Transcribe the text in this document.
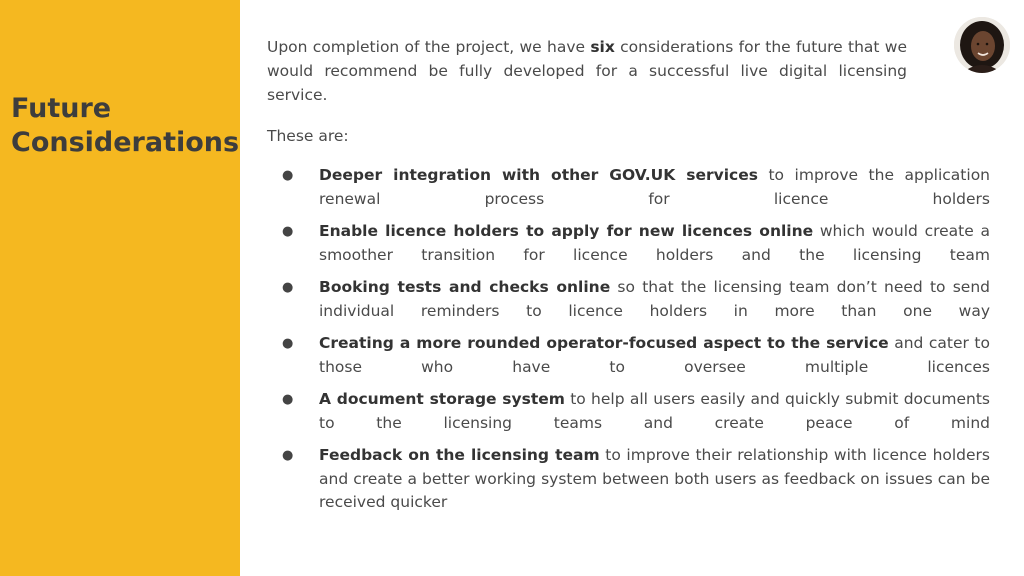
Future Considerations

Upon completion of the project, we have six considerations for the future that we would recommend be fully developed for a successful live digital licensing service.

These are:

● Deeper integration with other GOV.UK services to improve the application renewal process for licence holders
● Enable licence holders to apply for new licences online which would create a smoother transition for licence holders and the licensing team
● Booking tests and checks online so that the licensing team don’t need to send individual reminders to licence holders in more than one way
● Creating a more rounded operator-focused aspect to the service and cater to those who have to oversee multiple licences
● A document storage system to help all users easily and quickly submit documents to the licensing teams and create peace of mind
● Feedback on the licensing team to improve their relationship with licence holders and create a better working system between both users as feedback on issues can be received quicker
